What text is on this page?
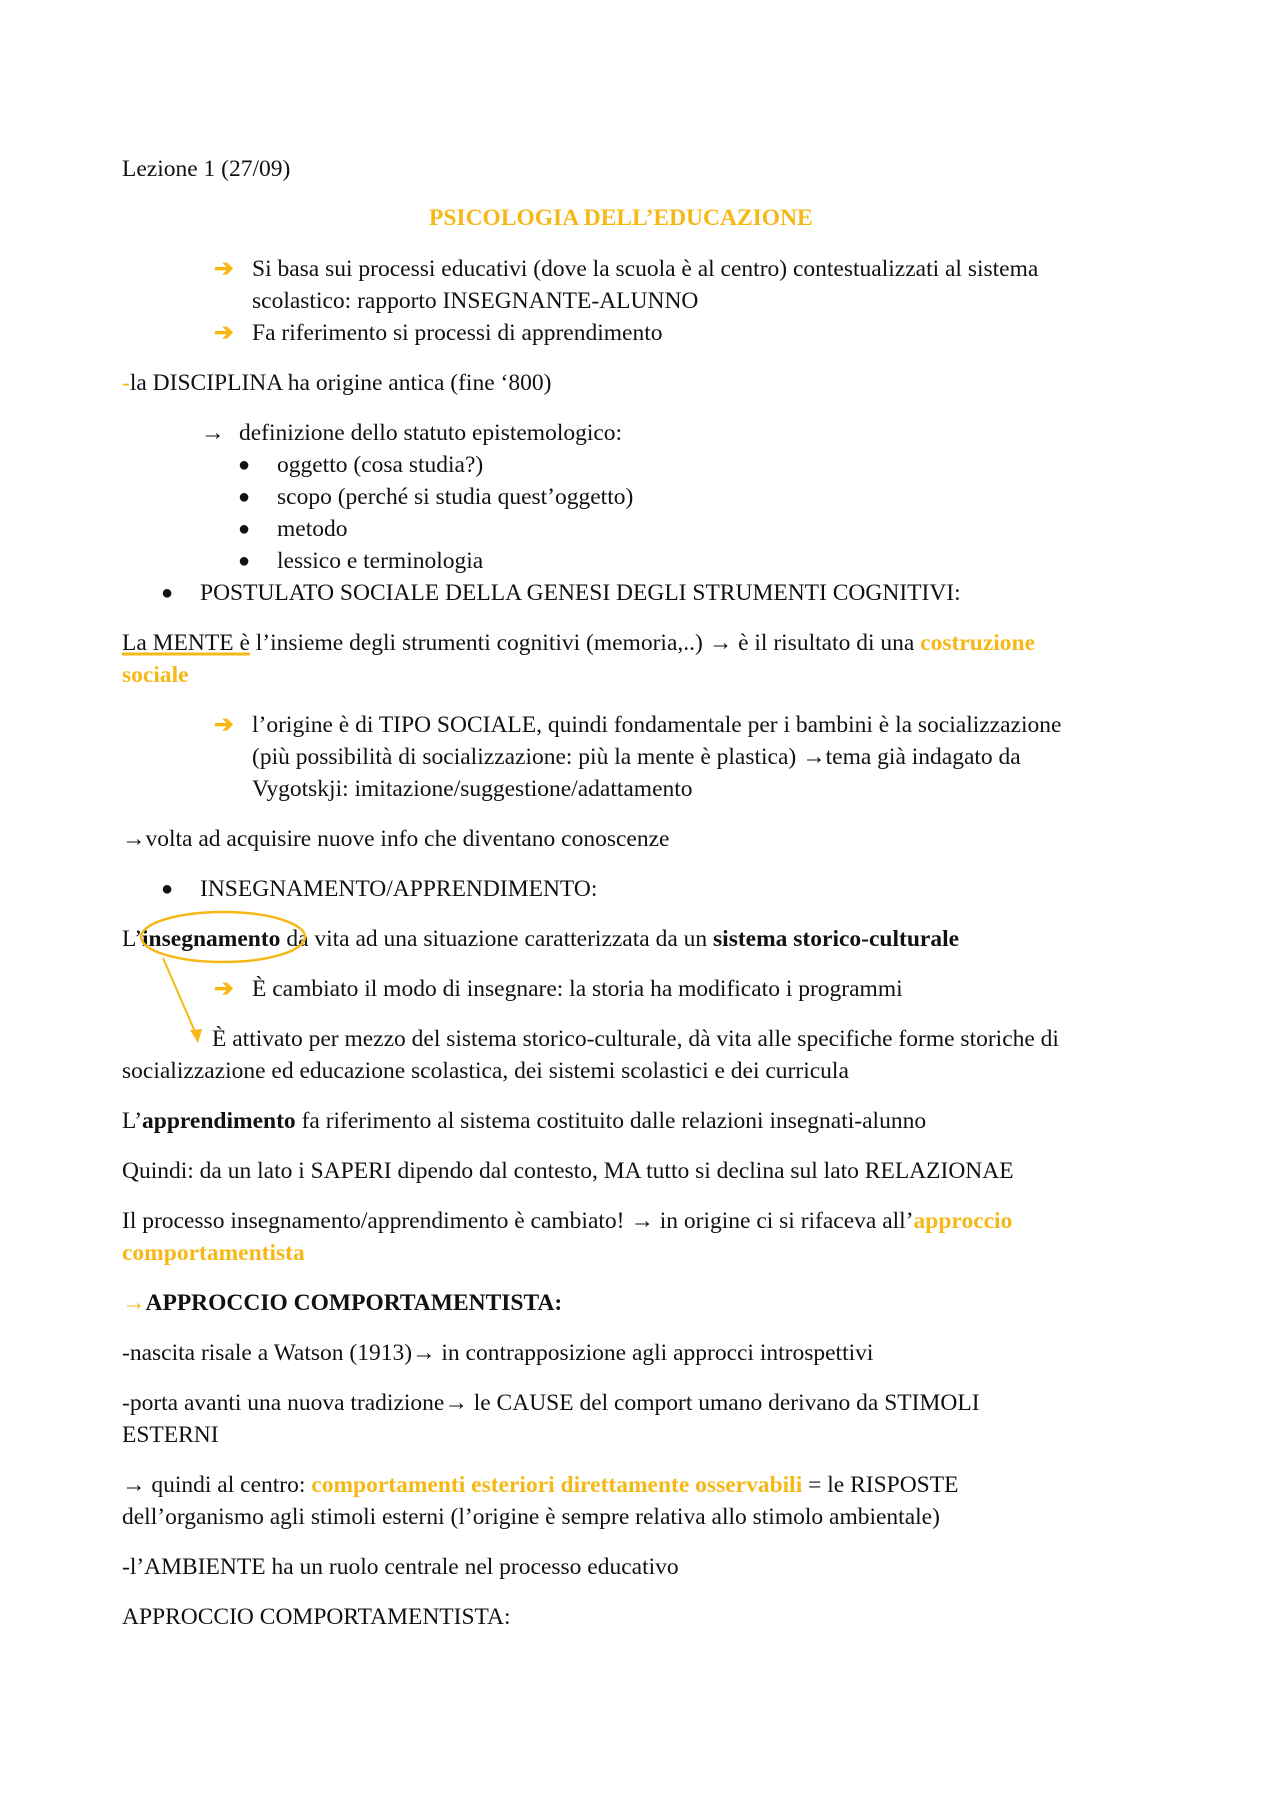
Lezione 1 (27/09)
PSICOLOGIA DELL’EDUCAZIONE
➔ Si basa sui processi educativi (dove la scuola è al centro) contestualizzati al sistema
scolastico: rapporto INSEGNANTE-ALUNNO
➔ Fa riferimento si processi di apprendimento
-la DISCIPLINA ha origine antica (fine ‘800)
→ definizione dello statuto epistemologico:
● oggetto (cosa studia?)
● scopo (perché si studia quest’oggetto)
● metodo
● lessico e terminologia
● POSTULATO SOCIALE DELLA GENESI DEGLI STRUMENTI COGNITIVI:
La MENTE è l’insieme degli strumenti cognitivi (memoria,..) → è il risultato di una costruzione
sociale
➔ l’origine è di TIPO SOCIALE, quindi fondamentale per i bambini è la socializzazione
(più possibilità di socializzazione: più la mente è plastica) →tema già indagato da
Vygotskji: imitazione/suggestione/adattamento
→volta ad acquisire nuove info che diventano conoscenze
● INSEGNAMENTO/APPRENDIMENTO:
L’insegnamento dà vita ad una situazione caratterizzata da un sistema storico-culturale
➔ È cambiato il modo di insegnare: la storia ha modificato i programmi
È attivato per mezzo del sistema storico-culturale, dà vita alle specifiche forme storiche di
socializzazione ed educazione scolastica, dei sistemi scolastici e dei curricula
L’apprendimento fa riferimento al sistema costituito dalle relazioni insegnati-alunno
Quindi: da un lato i SAPERI dipendo dal contesto, MA tutto si declina sul lato RELAZIONAE
Il processo insegnamento/apprendimento è cambiato! → in origine ci si rifaceva all’approccio
comportamentista
→APPROCCIO COMPORTAMENTISTA:
-nascita risale a Watson (1913)→ in contrapposizione agli approcci introspettivi
-porta avanti una nuova tradizione→ le CAUSE del comport umano derivano da STIMOLI
ESTERNI
→ quindi al centro: comportamenti esteriori direttamente osservabili = le RISPOSTE
dell’organismo agli stimoli esterni (l’origine è sempre relativa allo stimolo ambientale)
-l’AMBIENTE ha un ruolo centrale nel processo educativo
APPROCCIO COMPORTAMENTISTA:
